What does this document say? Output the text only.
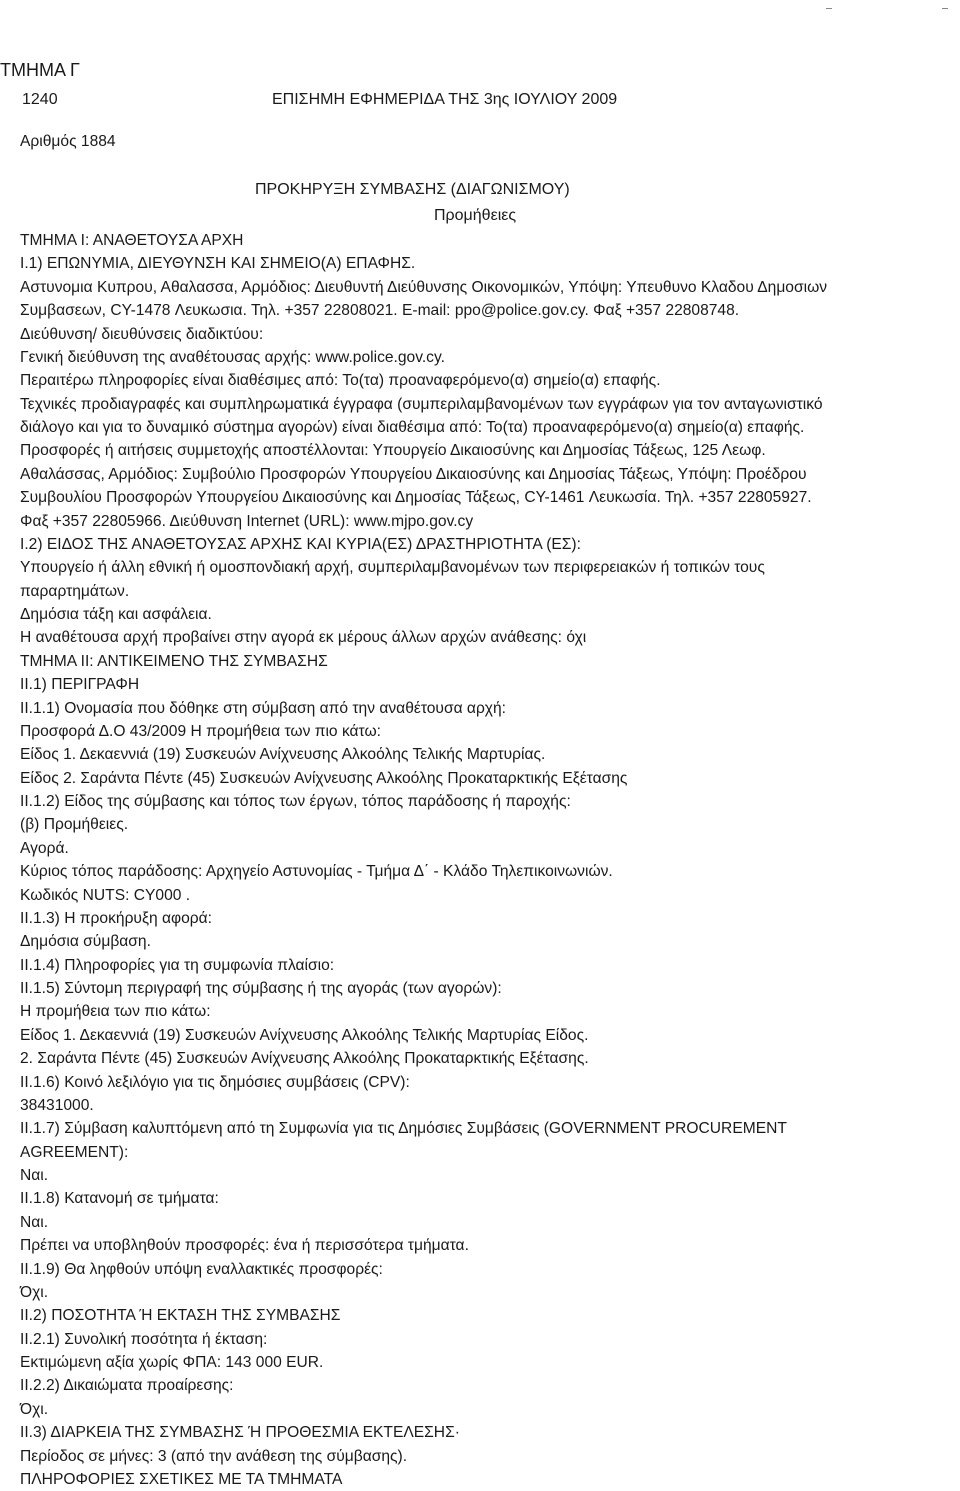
ΤΜΗΜΑ Γ
1240	ΕΠΙΣΗΜΗ ΕΦΗΜΕΡΙΔΑ ΤΗΣ 3ης ΙΟΥΛΙΟΥ 2009
Αριθμός 1884
ΠΡΟΚΗΡΥΞΗ ΣΥΜΒΑΣΗΣ (ΔΙΑΓΩΝΙΣΜΟΥ)
Προμήθειες
ΤΜΗΜΑ Ι: ΑΝΑΘΕΤΟΥΣΑ ΑΡΧΗ
Ι.1) ΕΠΩΝΥΜΙΑ, ΔΙΕΥΘΥΝΣΗ ΚΑΙ ΣΗΜΕΙΟ(Α) ΕΠΑΦΗΣ.
Αστυνομια Κυπρου, Αθαλασσα, Αρμόδιος: Διευθυντή Διεύθυνσης Οικονομικών, Υπόψη: Υπευθυνο Κλαδου Δημοσιων
Συμβασεων, CY-1478 Λευκωσια. Τηλ. +357 22808021. E-mail: ppo@police.gov.cy. Φαξ +357 22808748.
Διεύθυνση/ διευθύνσεις διαδικτύου:
Γενική διεύθυνση της αναθέτουσας αρχής: www.police.gov.cy.
Περαιτέρω πληροφορίες είναι διαθέσιμες από: Το(τα) προαναφερόμενο(α) σημείο(α) επαφής.
Τεχνικές προδιαγραφές και συμπληρωματικά έγγραφα (συμπεριλαμβανομένων των εγγράφων για τον ανταγωνιστικό
διάλογο και για το δυναμικό σύστημα αγορών) είναι διαθέσιμα από: Το(τα) προαναφερόμενο(α) σημείο(α) επαφής.
Προσφορές ή αιτήσεις συμμετοχής αποστέλλονται: Υπουργείο Δικαιοσύνης και Δημοσίας Τάξεως, 125 Λεωφ.
Αθαλάσσας, Αρμόδιος: Συμβούλιο Προσφορών Υπουργείου Δικαιοσύνης και Δημοσίας Τάξεως, Υπόψη: Προέδρου
Συμβουλίου Προσφορών Υπουργείου Δικαιοσύνης και Δημοσίας Τάξεως, CY-1461 Λευκωσία. Τηλ. +357 22805927.
Φαξ +357 22805966. Διεύθυνση Internet (URL): www.mjpo.gov.cy
Ι.2) ΕΙΔΟΣ ΤΗΣ ΑΝΑΘΕΤΟΥΣΑΣ ΑΡΧΗΣ ΚΑΙ ΚΥΡΙΑ(ΕΣ) ΔΡΑΣΤΗΡΙΟΤΗΤΑ (ΕΣ):
Υπουργείο ή άλλη εθνική ή ομοσπονδιακή αρχή, συμπεριλαμβανομένων των περιφερειακών ή τοπικών τους
παραρτημάτων.
Δημόσια τάξη και ασφάλεια.
Η αναθέτουσα αρχή προβαίνει στην αγορά εκ μέρους άλλων αρχών ανάθεσης: όχι
ΤΜΗΜΑ ΙΙ: ΑΝΤΙΚΕΙΜΕΝΟ ΤΗΣ ΣΥΜΒΑΣΗΣ
ΙΙ.1) ΠΕΡΙΓΡΑΦΗ
ΙΙ.1.1) Ονομασία που δόθηκε στη σύμβαση από την αναθέτουσα αρχή:
Προσφορά Δ.Ο 43/2009 Η προμήθεια των πιο κάτω:
Είδος 1. Δεκαεννιά (19) Συσκευών Ανίχνευσης Αλκοόλης Τελικής Μαρτυρίας.
Είδος 2. Σαράντα Πέντε (45) Συσκευών Ανίχνευσης Αλκοόλης Προκαταρκτικής Εξέτασης
ΙΙ.1.2) Είδος της σύμβασης και τόπος των έργων, τόπος παράδοσης ή παροχής:
(β) Προμήθειες.
Αγορά.
Κύριος τόπος παράδοσης: Αρχηγείο Αστυνομίας - Τμήμα Δ΄ - Κλάδο Τηλεπικοινωνιών.
Κωδικός NUTS: CY000 .
ΙΙ.1.3) Η προκήρυξη αφορά:
Δημόσια σύμβαση.
ΙΙ.1.4) Πληροφορίες για τη συμφωνία πλαίσιο:
ΙΙ.1.5) Σύντομη περιγραφή της σύμβασης ή της αγοράς (των αγορών):
Η προμήθεια των πιο κάτω:
Είδος 1. Δεκαεννιά (19) Συσκευών Ανίχνευσης Αλκοόλης Τελικής Μαρτυρίας Είδος.
2. Σαράντα Πέντε (45) Συσκευών Ανίχνευσης Αλκοόλης Προκαταρκτικής Εξέτασης.
ΙΙ.1.6) Κοινό λεξιλόγιο για τις δημόσιες συμβάσεις (CPV):
38431000.
ΙΙ.1.7) Σύμβαση καλυπτόμενη από τη Συμφωνία για τις Δημόσιες Συμβάσεις (GOVERNMENT PROCUREMENT
AGREEMENT):
Ναι.
ΙΙ.1.8) Κατανομή σε τμήματα:
Ναι.
Πρέπει να υποβληθούν προσφορές: ένα ή περισσότερα τμήματα.
ΙΙ.1.9) Θα ληφθούν υπόψη εναλλακτικές προσφορές:
Όχι.
ΙΙ.2) ΠΟΣΟΤΗΤΑ Ή ΕΚΤΑΣΗ ΤΗΣ ΣΥΜΒΑΣΗΣ
ΙΙ.2.1) Συνολική ποσότητα ή έκταση:
Εκτιμώμενη αξία χωρίς ΦΠΑ: 143 000 EUR.
ΙΙ.2.2) Δικαιώματα προαίρεσης:
Όχι.
ΙΙ.3) ΔΙΑΡΚΕΙΑ ΤΗΣ ΣΥΜΒΑΣΗΣ Ή ΠΡΟΘΕΣΜΙΑ ΕΚΤΕΛΕΣΗΣ·
Περίοδος σε μήνες: 3 (από την ανάθεση της σύμβασης).
ΠΛΗΡΟΦΟΡΙΕΣ ΣΧΕΤΙΚΕΣ ΜΕ ΤΑ ΤΜΗΜΑΤΑ
